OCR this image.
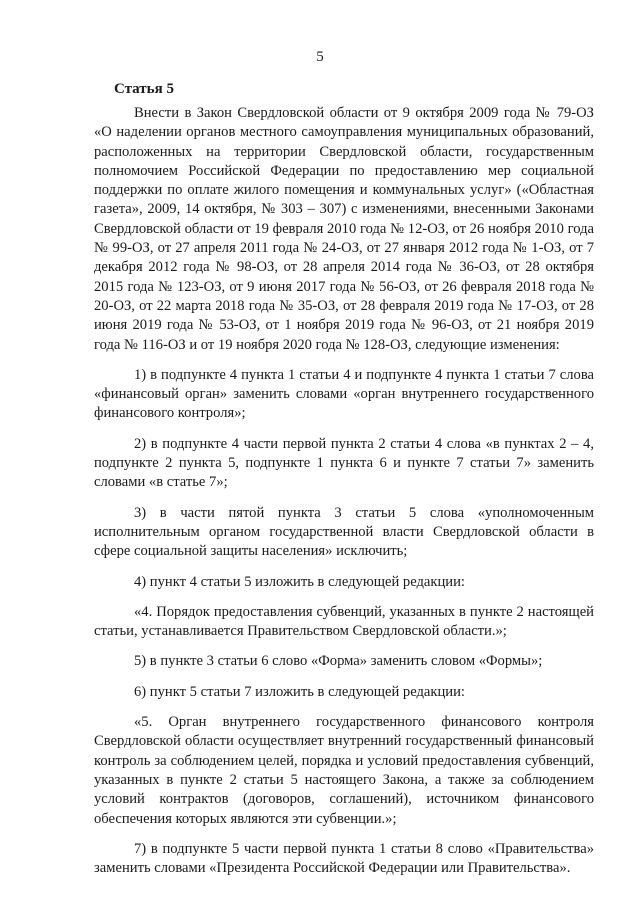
5
Статья 5

Внести в Закон Свердловской области от 9 октября 2009 года № 79-ОЗ «О наделении органов местного самоуправления муниципальных образований, расположенных на территории Свердловской области, государственным полномочием Российской Федерации по предоставлению мер социальной поддержки по оплате жилого помещения и коммунальных услуг» («Областная газета», 2009, 14 октября, № 303 – 307) с изменениями, внесенными Законами Свердловской области от 19 февраля 2010 года № 12-ОЗ, от 26 ноября 2010 года № 99-ОЗ, от 27 апреля 2011 года № 24-ОЗ, от 27 января 2012 года № 1-ОЗ, от 7 декабря 2012 года № 98-ОЗ, от 28 апреля 2014 года № 36-ОЗ, от 28 октября 2015 года № 123-ОЗ, от 9 июня 2017 года № 56-ОЗ, от 26 февраля 2018 года № 20-ОЗ, от 22 марта 2018 года № 35-ОЗ, от 28 февраля 2019 года № 17-ОЗ, от 28 июня 2019 года № 53-ОЗ, от 1 ноября 2019 года № 96-ОЗ, от 21 ноября 2019 года № 116-ОЗ и от 19 ноября 2020 года № 128-ОЗ, следующие изменения:

1) в подпункте 4 пункта 1 статьи 4 и подпункте 4 пункта 1 статьи 7 слова «финансовый орган» заменить словами «орган внутреннего государственного финансового контроля»;

2) в подпункте 4 части первой пункта 2 статьи 4 слова «в пунктах 2 – 4, подпункте 2 пункта 5, подпункте 1 пункта 6 и пункте 7 статьи 7» заменить словами «в статье 7»;

3) в части пятой пункта 3 статьи 5 слова «уполномоченным исполнительным органом государственной власти Свердловской области в сфере социальной защиты населения» исключить;

4) пункт 4 статьи 5 изложить в следующей редакции:

«4. Порядок предоставления субвенций, указанных в пункте 2 настоящей статьи, устанавливается Правительством Свердловской области.»;

5) в пункте 3 статьи 6 слово «Форма» заменить словом «Формы»;

6) пункт 5 статьи 7 изложить в следующей редакции:

«5. Орган внутреннего государственного финансового контроля Свердловской области осуществляет внутренний государственный финансовый контроль за соблюдением целей, порядка и условий предоставления субвенций, указанных в пункте 2 статьи 5 настоящего Закона, а также за соблюдением условий контрактов (договоров, соглашений), источником финансового обеспечения которых являются эти субвенции.»;

7) в подпункте 5 части первой пункта 1 статьи 8 слово «Правительства» заменить словами «Президента Российской Федерации или Правительства».
